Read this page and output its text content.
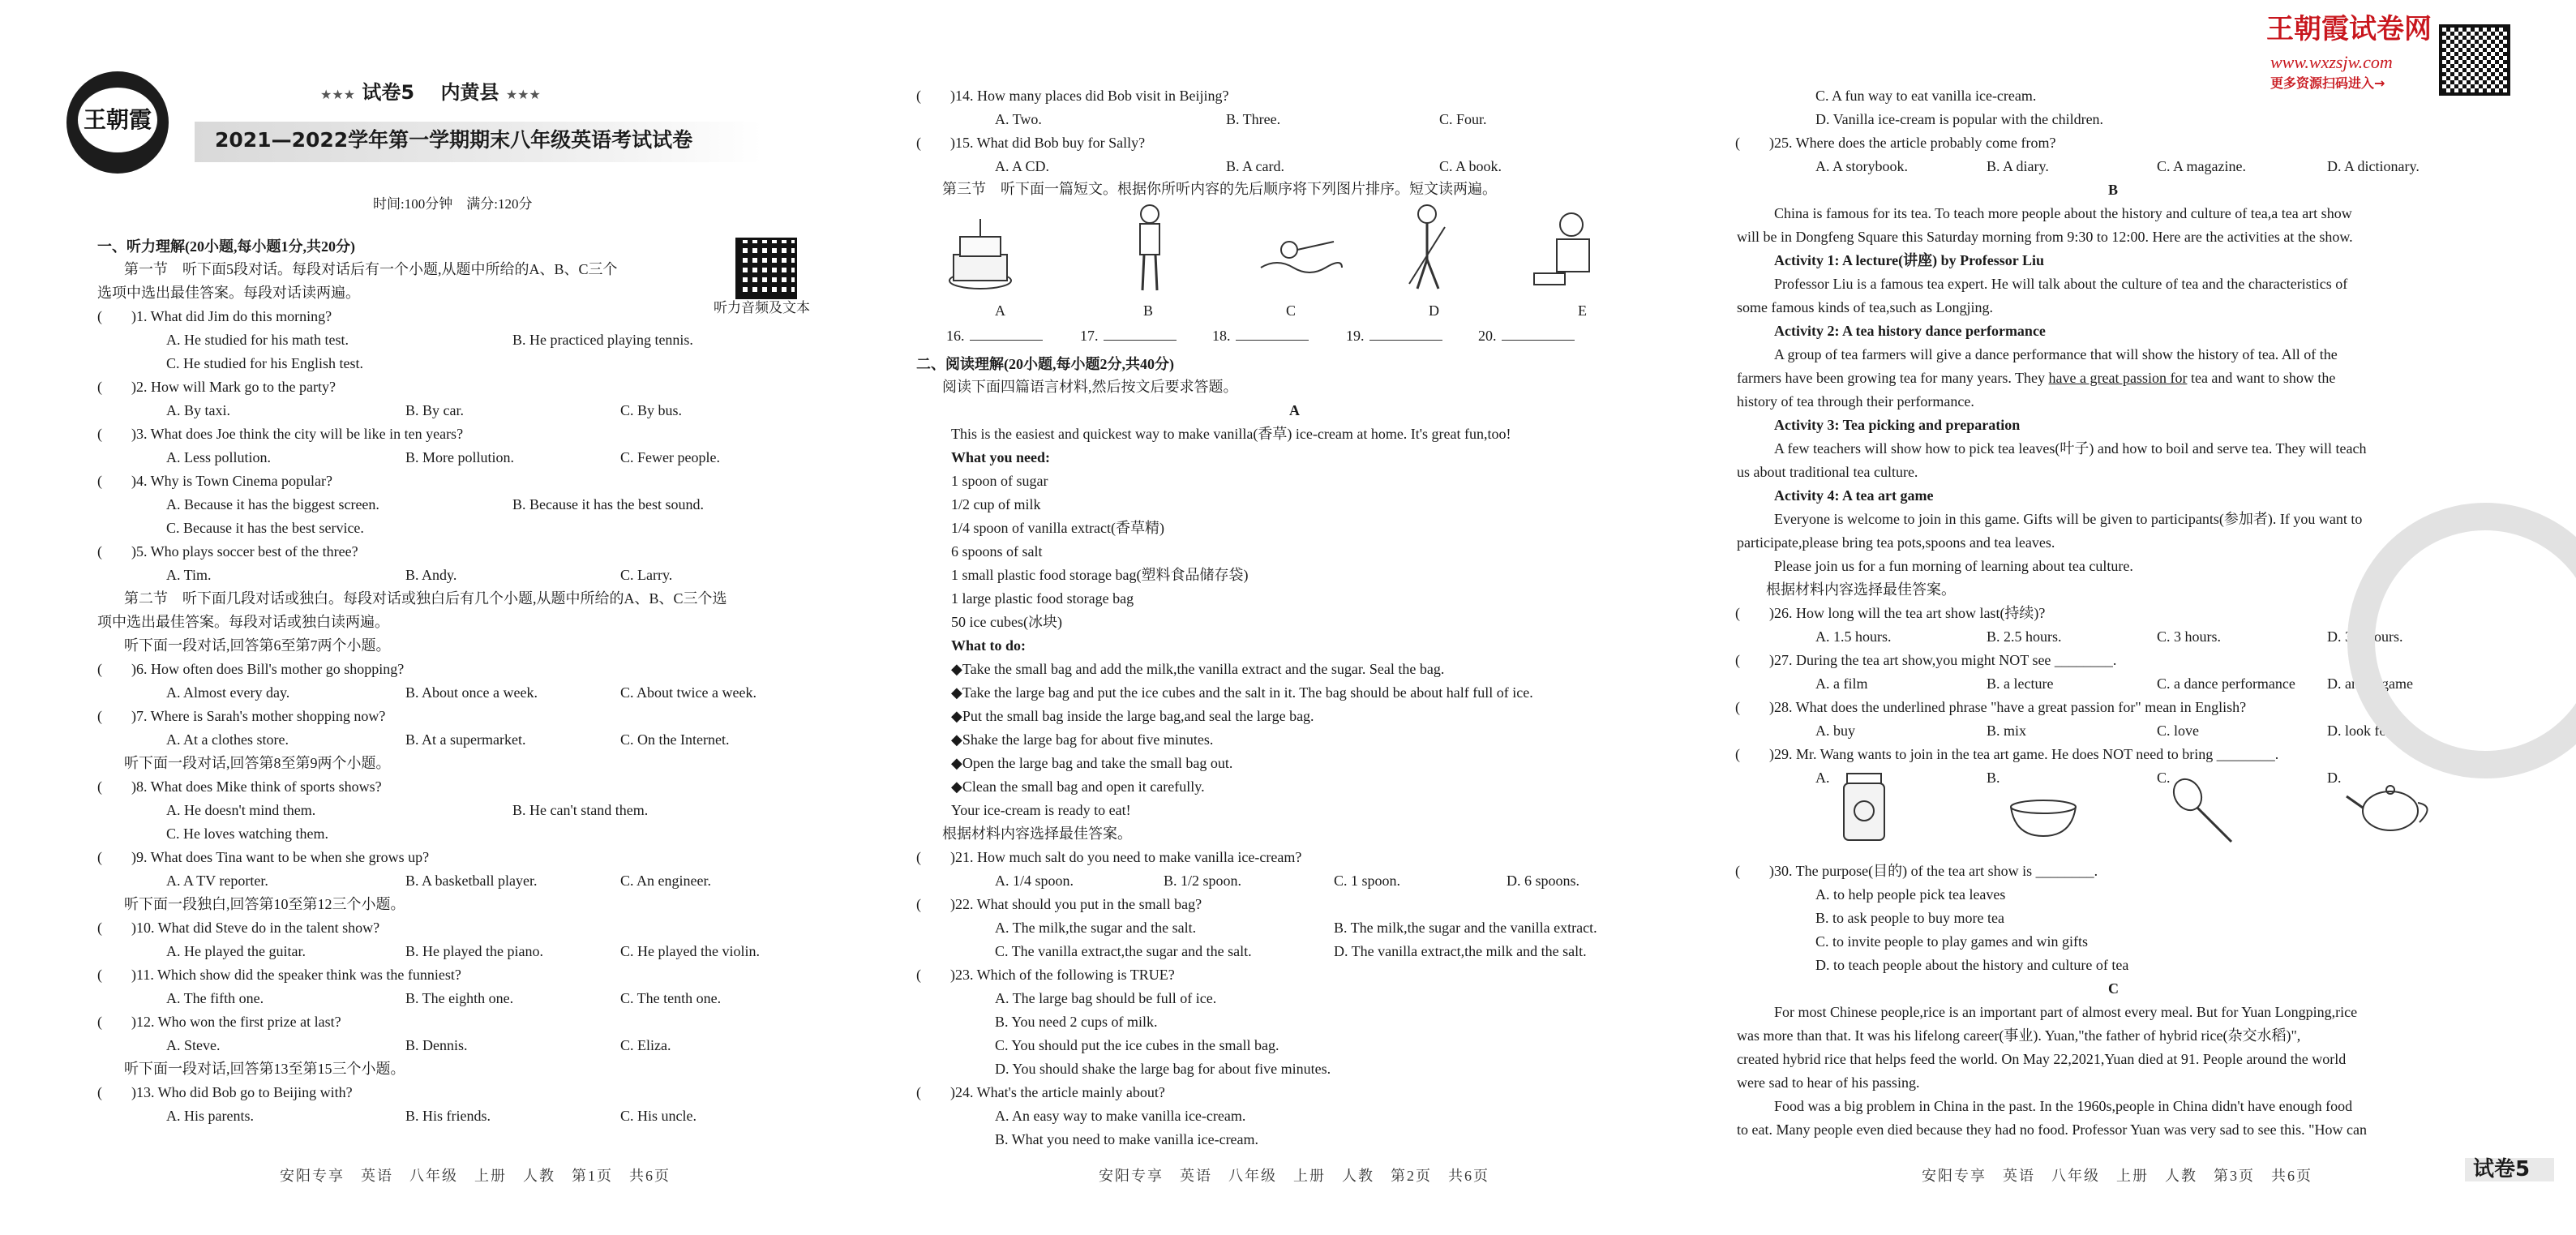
王朝霞
★★★ 试卷5　 内黄县 ★★★
2021—2022学年第一学期期末八年级英语考试试卷
时间:100分钟　满分:120分
听力音频及文本
一、听力理解(20小题,每小题1分,共20分)
第一节　听下面5段对话。每段对话后有一个小题,从题中所给的A、B、C三个
选项中选出最佳答案。每段对话读两遍。
(　　)1. What did Jim do this morning?
A. He studied for his math test.	B. He practiced playing tennis.
C. He studied for his English test.
(　　)2. How will Mark go to the party?
A. By taxi.	B. By car.	C. By bus.
(　　)3. What does Joe think the city will be like in ten years?
A. Less pollution.	B. More pollution.	C. Fewer people.
(　　)4. Why is Town Cinema popular?
A. Because it has the biggest screen.	B. Because it has the best sound.
C. Because it has the best service.
(　　)5. Who plays soccer best of the three?
A. Tim.	B. Andy.	C. Larry.
第二节　听下面几段对话或独白。每段对话或独白后有几个小题,从题中所给的A、B、C三个选
项中选出最佳答案。每段对话或独白读两遍。
听下面一段对话,回答第6至第7两个小题。
(　　)6. How often does Bill's mother go shopping?
A. Almost every day.	B. About once a week.	C. About twice a week.
(　　)7. Where is Sarah's mother shopping now?
A. At a clothes store.	B. At a supermarket.	C. On the Internet.
听下面一段对话,回答第8至第9两个小题。
(　　)8. What does Mike think of sports shows?
A. He doesn't mind them.	B. He can't stand them.
C. He loves watching them.
(　　)9. What does Tina want to be when she grows up?
A. A TV reporter.	B. A basketball player.	C. An engineer.
听下面一段独白,回答第10至第12三个小题。
(　　)10. What did Steve do in the talent show?
A. He played the guitar.	B. He played the piano.	C. He played the violin.
(　　)11. Which show did the speaker think was the funniest?
A. The fifth one.	B. The eighth one.	C. The tenth one.
(　　)12. Who won the first prize at last?
A. Steve.	B. Dennis.	C. Eliza.
听下面一段对话,回答第13至第15三个小题。
(　　)13. Who did Bob go to Beijing with?
A. His parents.	B. His friends.	C. His uncle.
安阳专享　英语　八年级　上册　人教　第1页　共6页
(　　)14. How many places did Bob visit in Beijing?
A. Two.	B. Three.	C. Four.
(　　)15. What did Bob buy for Sally?
A. A CD.	B. A card.	C. A book.
第三节　听下面一篇短文。根据你所听内容的先后顺序将下列图片排序。短文读两遍。
A	B	C	D	E
16.	17.	18.	19.	20.
二、阅读理解(20小题,每小题2分,共40分)
阅读下面四篇语言材料,然后按文后要求答题。
A
This is the easiest and quickest way to make vanilla(香草) ice-cream at home. It's great fun,too!
What you need:
1 spoon of sugar
1/2 cup of milk
1/4 spoon of vanilla extract(香草精)
6 spoons of salt
1 small plastic food storage bag(塑料食品储存袋)
1 large plastic food storage bag
50 ice cubes(冰块)
What to do:
◆Take the small bag and add the milk,the vanilla extract and the sugar. Seal the bag.
◆Take the large bag and put the ice cubes and the salt in it. The bag should be about half full of ice.
◆Put the small bag inside the large bag,and seal the large bag.
◆Shake the large bag for about five minutes.
◆Open the large bag and take the small bag out.
◆Clean the small bag and open it carefully.
Your ice-cream is ready to eat!
根据材料内容选择最佳答案。
(　　)21. How much salt do you need to make vanilla ice-cream?
A. 1/4 spoon.	B. 1/2 spoon.	C. 1 spoon.	D. 6 spoons.
(　　)22. What should you put in the small bag?
A. The milk,the sugar and the salt.	B. The milk,the sugar and the vanilla extract.
C. The vanilla extract,the sugar and the salt.	D. The vanilla extract,the milk and the salt.
(　　)23. Which of the following is TRUE?
A. The large bag should be full of ice.
B. You need 2 cups of milk.
C. You should put the ice cubes in the small bag.
D. You should shake the large bag for about five minutes.
(　　)24. What's the article mainly about?
A. An easy way to make vanilla ice-cream.
B. What you need to make vanilla ice-cream.
安阳专享　英语　八年级　上册　人教　第2页　共6页
王朝霞试卷网
www.wxzsjw.com
更多资源扫码进入→
C. A fun way to eat vanilla ice-cream.
D. Vanilla ice-cream is popular with the children.
(　　)25. Where does the article probably come from?
A. A storybook.	B. A diary.	C. A magazine.	D. A dictionary.
B
China is famous for its tea. To teach more people about the history and culture of tea,a tea art show
will be in Dongfeng Square this Saturday morning from 9:30 to 12:00. Here are the activities at the show.
Activity 1: A lecture(讲座) by Professor Liu
Professor Liu is a famous tea expert. He will talk about the culture of tea and the characteristics of
some famous kinds of tea,such as Longjing.
Activity 2: A tea history dance performance
A group of tea farmers will give a dance performance that will show the history of tea. All of the
farmers have been growing tea for many years. They have a great passion for tea and want to show the
history of tea through their performance.
Activity 3: Tea picking and preparation
A few teachers will show how to pick tea leaves(叶子) and how to boil and serve tea. They will teach
us about traditional tea culture.
Activity 4: A tea art game
Everyone is welcome to join in this game. Gifts will be given to participants(参加者). If you want to
participate,please bring tea pots,spoons and tea leaves.
Please join us for a fun morning of learning about tea culture.
根据材料内容选择最佳答案。
(　　)26. How long will the tea art show last(持续)?
A. 1.5 hours.	B. 2.5 hours.	C. 3 hours.	D. 3.5 hours.
(　　)27. During the tea art show,you might NOT see ________.
A. a film	B. a lecture	C. a dance performance D. an art game
(　　)28. What does the underlined phrase "have a great passion for" mean in English?
A. buy	B. mix	C. love	D. look for
(　　)29. Mr. Wang wants to join in the tea art game. He does NOT need to bring ________.
A.	B.	C.	D.
(　　)30. The purpose(目的) of the tea art show is ________.
A. to help people pick tea leaves
B. to ask people to buy more tea
C. to invite people to play games and win gifts
D. to teach people about the history and culture of tea
C
For most Chinese people,rice is an important part of almost every meal. But for Yuan Longping,rice
was more than that. It was his lifelong career(事业). Yuan,"the father of hybrid rice(杂交水稻)",
created hybrid rice that helps feed the world. On May 22,2021,Yuan died at 91. People around the world
were sad to hear of his passing.
Food was a big problem in China in the past. In the 1960s,people in China didn't have enough food
to eat. Many people even died because they had no food. Professor Yuan was very sad to see this. "How can
安阳专享　英语　八年级　上册　人教　第3页　共6页	试卷5
